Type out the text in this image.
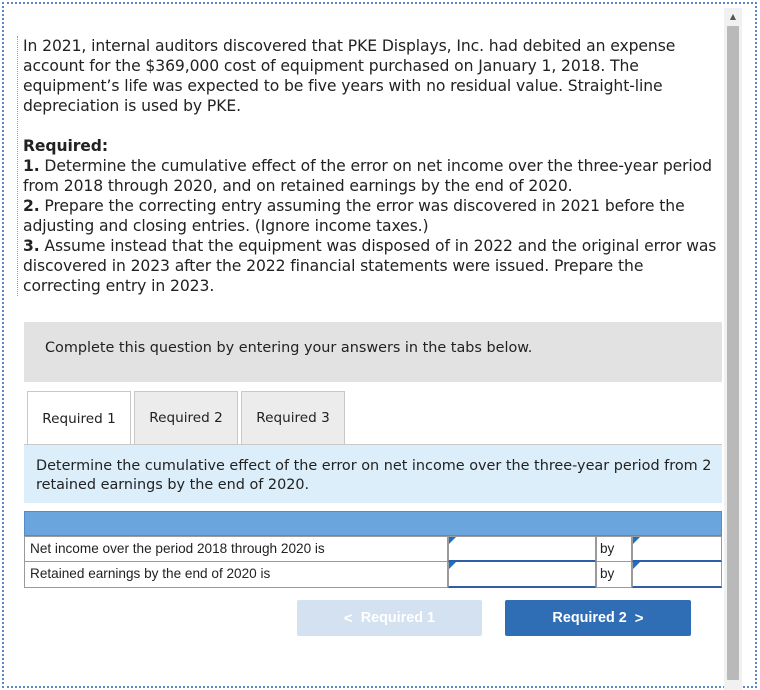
▲

In 2021, internal auditors discovered that PKE Displays, Inc. had debited an expense account for the $369,000 cost of equipment purchased on January 1, 2018. The equipment’s life was expected to be five years with no residual value. Straight-line depreciation is used by PKE.

Required:
1. Determine the cumulative effect of the error on net income over the three-year period from 2018 through 2020, and on retained earnings by the end of 2020.
2. Prepare the correcting entry assuming the error was discovered in 2021 before the adjusting and closing entries. (Ignore income taxes.)
3. Assume instead that the equipment was disposed of in 2022 and the original error was discovered in 2023 after the 2022 financial statements were issued. Prepare the correcting entry in 2023.
Complete this question by entering your answers in the tabs below.
Required 1 Required 2 Required 3
Determine the cumulative effect of the error on net income over the three-year period from 2
retained earnings by the end of 2020.
Net income over the period 2018 through 2020 is	by
Retained earnings by the end of 2020 is	by
< Required 1	Required 2 >
